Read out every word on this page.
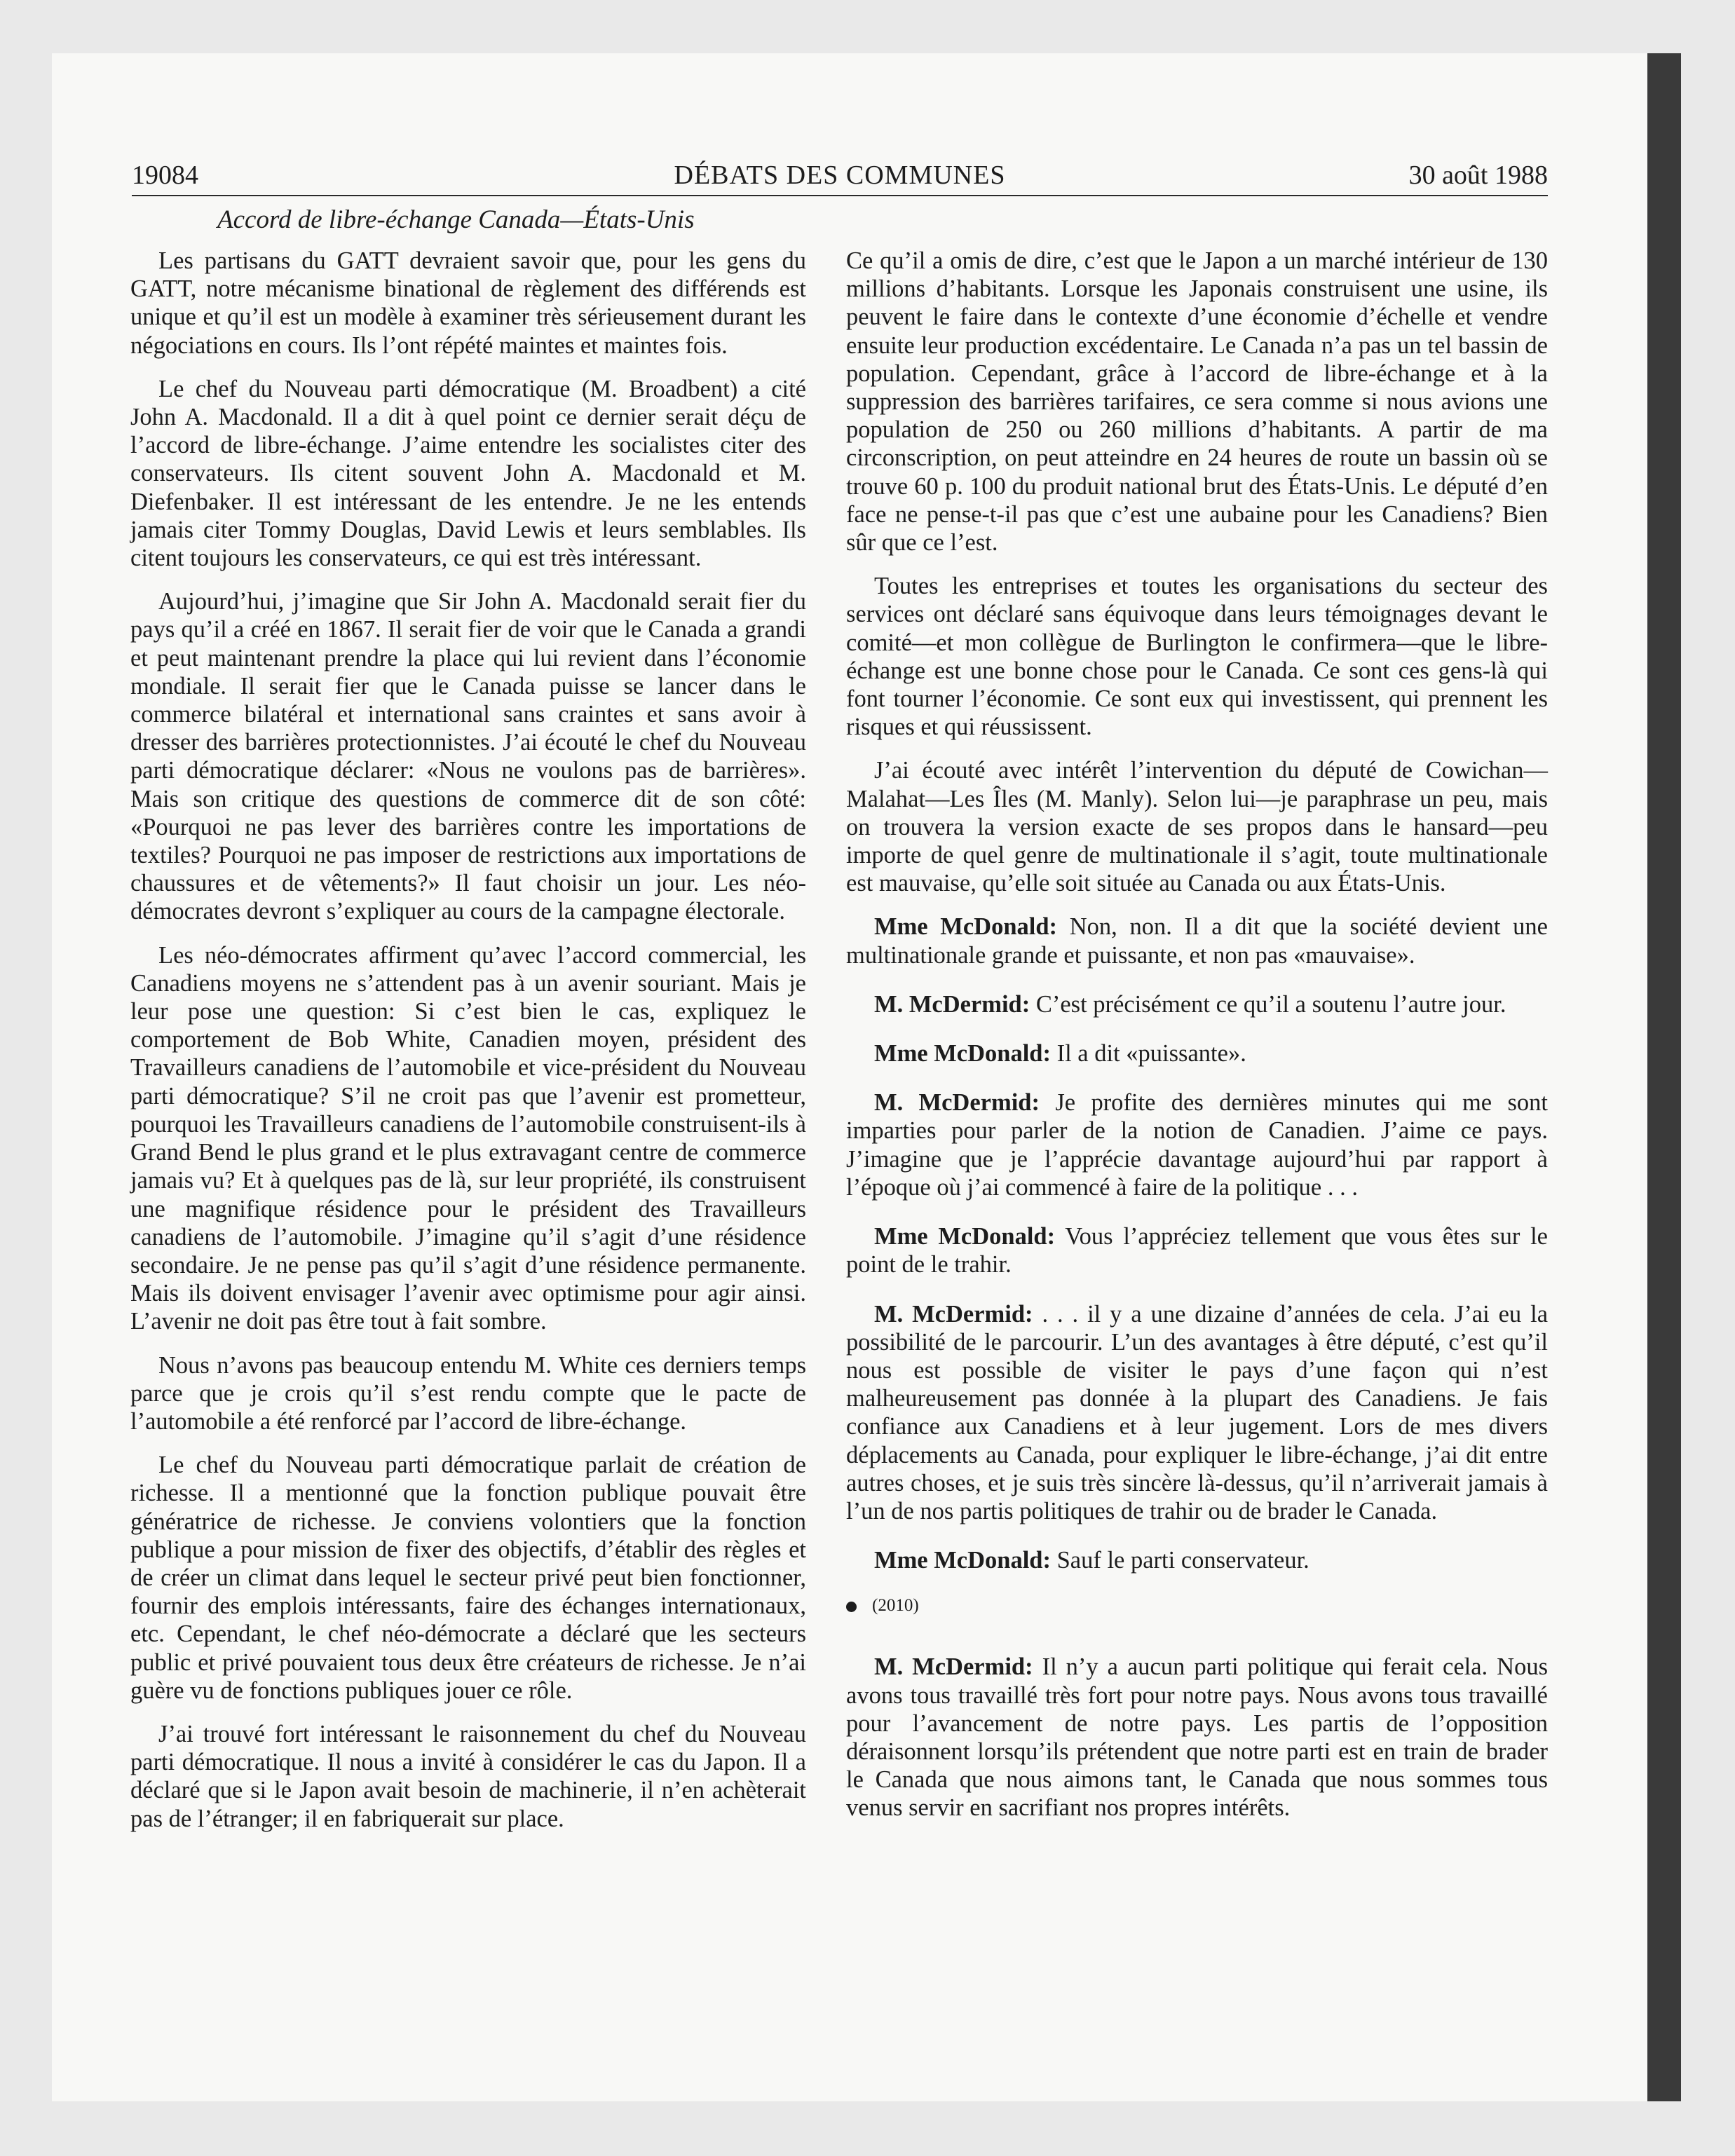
19084	DÉBATS DES COMMUNES	30 août 1988
Accord de libre-échange Canada—États-Unis

Les partisans du GATT devraient savoir que, pour les gens du GATT, notre mécanisme binational de règlement des différends est unique et qu’il est un modèle à examiner très sérieusement durant les négociations en cours. Ils l’ont répété maintes et maintes fois.

Le chef du Nouveau parti démocratique (M. Broadbent) a cité John A. Macdonald. Il a dit à quel point ce dernier serait déçu de l’accord de libre-échange. J’aime entendre les socialistes citer des conservateurs. Ils citent souvent John A. Macdonald et M. Diefenbaker. Il est intéressant de les entendre. Je ne les entends jamais citer Tommy Douglas, David Lewis et leurs semblables. Ils citent toujours les conservateurs, ce qui est très intéressant.

Aujourd’hui, j’imagine que Sir John A. Macdonald serait fier du pays qu’il a créé en 1867. Il serait fier de voir que le Canada a grandi et peut maintenant prendre la place qui lui revient dans l’économie mondiale. Il serait fier que le Canada puisse se lancer dans le commerce bilatéral et international sans craintes et sans avoir à dresser des barrières protectionnistes. J’ai écouté le chef du Nouveau parti démocratique déclarer: «Nous ne voulons pas de barrières». Mais son critique des questions de commerce dit de son côté: «Pourquoi ne pas lever des barrières contre les importations de textiles? Pourquoi ne pas imposer de restrictions aux importations de chaussures et de vêtements?» Il faut choisir un jour. Les néo-démocrates devront s’expliquer au cours de la campagne électorale.

Les néo-démocrates affirment qu’avec l’accord commercial, les Canadiens moyens ne s’attendent pas à un avenir souriant. Mais je leur pose une question: Si c’est bien le cas, expliquez le comportement de Bob White, Canadien moyen, président des Travailleurs canadiens de l’automobile et vice-président du Nouveau parti démocratique? S’il ne croit pas que l’avenir est prometteur, pourquoi les Travailleurs canadiens de l’automobile construisent-ils à Grand Bend le plus grand et le plus extravagant centre de commerce jamais vu? Et à quelques pas de là, sur leur propriété, ils construisent une magnifique résidence pour le président des Travailleurs canadiens de l’automobile. J’imagine qu’il s’agit d’une résidence secondaire. Je ne pense pas qu’il s’agit d’une résidence permanente. Mais ils doivent envisager l’avenir avec optimisme pour agir ainsi. L’avenir ne doit pas être tout à fait sombre.

Nous n’avons pas beaucoup entendu M. White ces derniers temps parce que je crois qu’il s’est rendu compte que le pacte de l’automobile a été renforcé par l’accord de libre-échange.

Le chef du Nouveau parti démocratique parlait de création de richesse. Il a mentionné que la fonction publique pouvait être génératrice de richesse. Je conviens volontiers que la fonction publique a pour mission de fixer des objectifs, d’établir des règles et de créer un climat dans lequel le secteur privé peut bien fonctionner, fournir des emplois intéressants, faire des échanges internationaux, etc. Cependant, le chef néo-démocrate a déclaré que les secteurs public et privé pouvaient tous deux être créateurs de richesse. Je n’ai guère vu de fonctions publiques jouer ce rôle.

J’ai trouvé fort intéressant le raisonnement du chef du Nouveau parti démocratique. Il nous a invité à considérer le cas du Japon. Il a déclaré que si le Japon avait besoin de machinerie, il n’en achèterait pas de l’étranger; il en fabriquerait sur place.

Ce qu’il a omis de dire, c’est que le Japon a un marché intérieur de 130 millions d’habitants. Lorsque les Japonais construisent une usine, ils peuvent le faire dans le contexte d’une économie d’échelle et vendre ensuite leur production excédentaire. Le Canada n’a pas un tel bassin de population. Cependant, grâce à l’accord de libre-échange et à la suppression des barrières tarifaires, ce sera comme si nous avions une population de 250 ou 260 millions d’habitants. A partir de ma circonscription, on peut atteindre en 24 heures de route un bassin où se trouve 60 p. 100 du produit national brut des États-Unis. Le député d’en face ne pense-t-il pas que c’est une aubaine pour les Canadiens? Bien sûr que ce l’est.

Toutes les entreprises et toutes les organisations du secteur des services ont déclaré sans équivoque dans leurs témoignages devant le comité—et mon collègue de Burlington le confirmera—que le libre-échange est une bonne chose pour le Canada. Ce sont ces gens-là qui font tourner l’économie. Ce sont eux qui investissent, qui prennent les risques et qui réussissent.

J’ai écouté avec intérêt l’intervention du député de Cowichan—Malahat—Les Îles (M. Manly). Selon lui—je paraphrase un peu, mais on trouvera la version exacte de ses propos dans le hansard—peu importe de quel genre de multinationale il s’agit, toute multinationale est mauvaise, qu’elle soit située au Canada ou aux États-Unis.

Mme McDonald: Non, non. Il a dit que la société devient une multinationale grande et puissante, et non pas «mauvaise».

M. McDermid: C’est précisément ce qu’il a soutenu l’autre jour.

Mme McDonald: Il a dit «puissante».

M. McDermid: Je profite des dernières minutes qui me sont imparties pour parler de la notion de Canadien. J’aime ce pays. J’imagine que je l’apprécie davantage aujourd’hui par rapport à l’époque où j’ai commencé à faire de la politique . . .

Mme McDonald: Vous l’appréciez tellement que vous êtes sur le point de le trahir.

M. McDermid: . . . il y a une dizaine d’années de cela. J’ai eu la possibilité de le parcourir. L’un des avantages à être député, c’est qu’il nous est possible de visiter le pays d’une façon qui n’est malheureusement pas donnée à la plupart des Canadiens. Je fais confiance aux Canadiens et à leur jugement. Lors de mes divers déplacements au Canada, pour expliquer le libre-échange, j’ai dit entre autres choses, et je suis très sincère là-dessus, qu’il n’arriverait jamais à l’un de nos partis politiques de trahir ou de brader le Canada.

Mme McDonald: Sauf le parti conservateur.

(2010)

M. McDermid: Il n’y a aucun parti politique qui ferait cela. Nous avons tous travaillé très fort pour notre pays. Nous avons tous travaillé pour l’avancement de notre pays. Les partis de l’opposition déraisonnent lorsqu’ils prétendent que notre parti est en train de brader le Canada que nous aimons tant, le Canada que nous sommes tous venus servir en sacrifiant nos propres intérêts.
